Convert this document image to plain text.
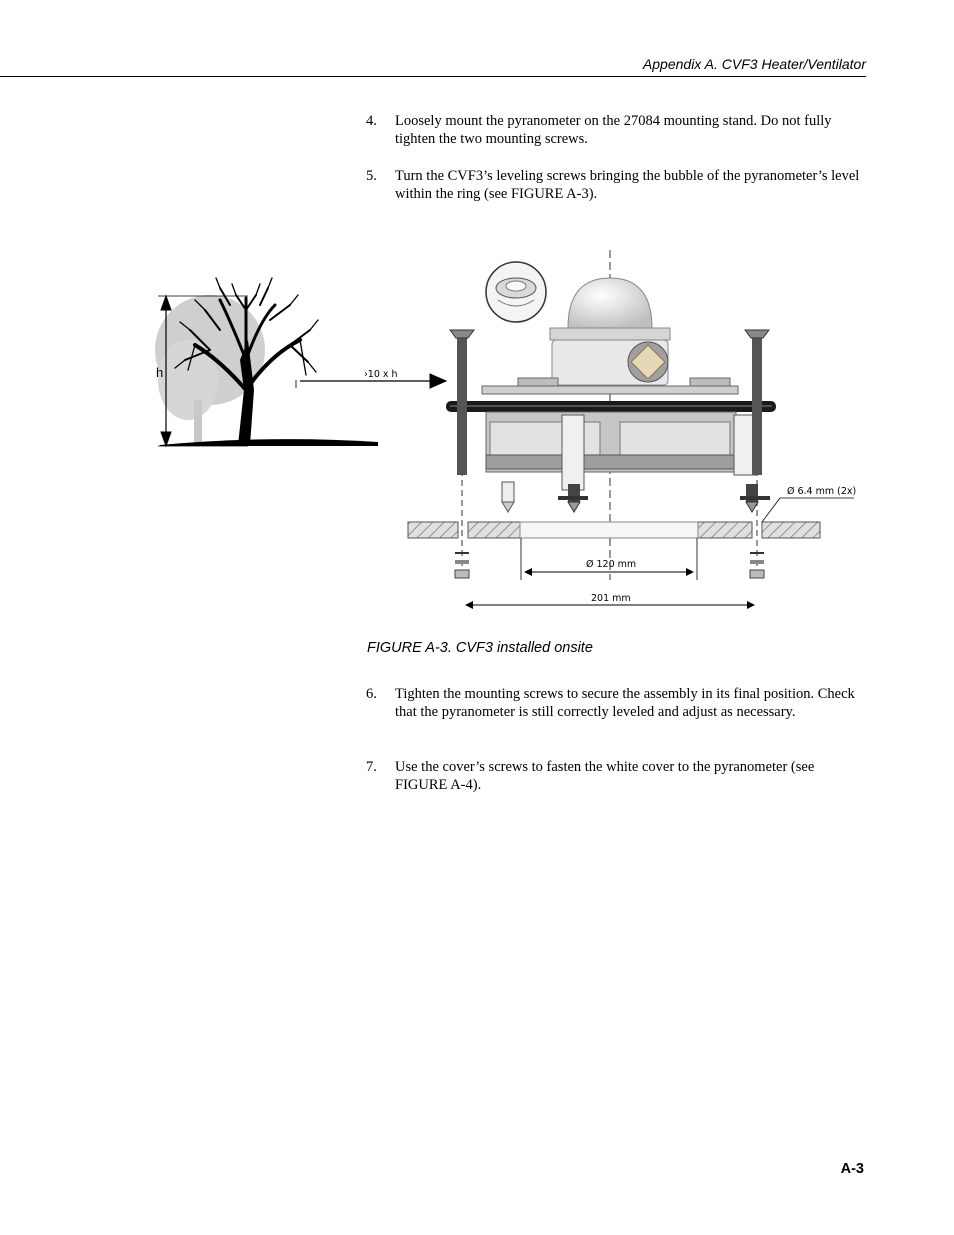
Appendix A. CVF3 Heater/Ventilator
4. Loosely mount the pyranometer on the 27084 mounting stand. Do not fully tighten the two mounting screws.
5. Turn the CVF3’s leveling screws bringing the bubble of the pyranometer’s level within the ring (see FIGURE A-3).
h	›10 x h
Ø 6.4 mm (2x)
Ø 120 mm
201 mm
FIGURE A-3. CVF3 installed onsite
6. Tighten the mounting screws to secure the assembly in its final position. Check that the pyranometer is still correctly leveled and adjust as necessary.
7. Use the cover’s screws to fasten the white cover to the pyranometer (see FIGURE A-4).
A-3
